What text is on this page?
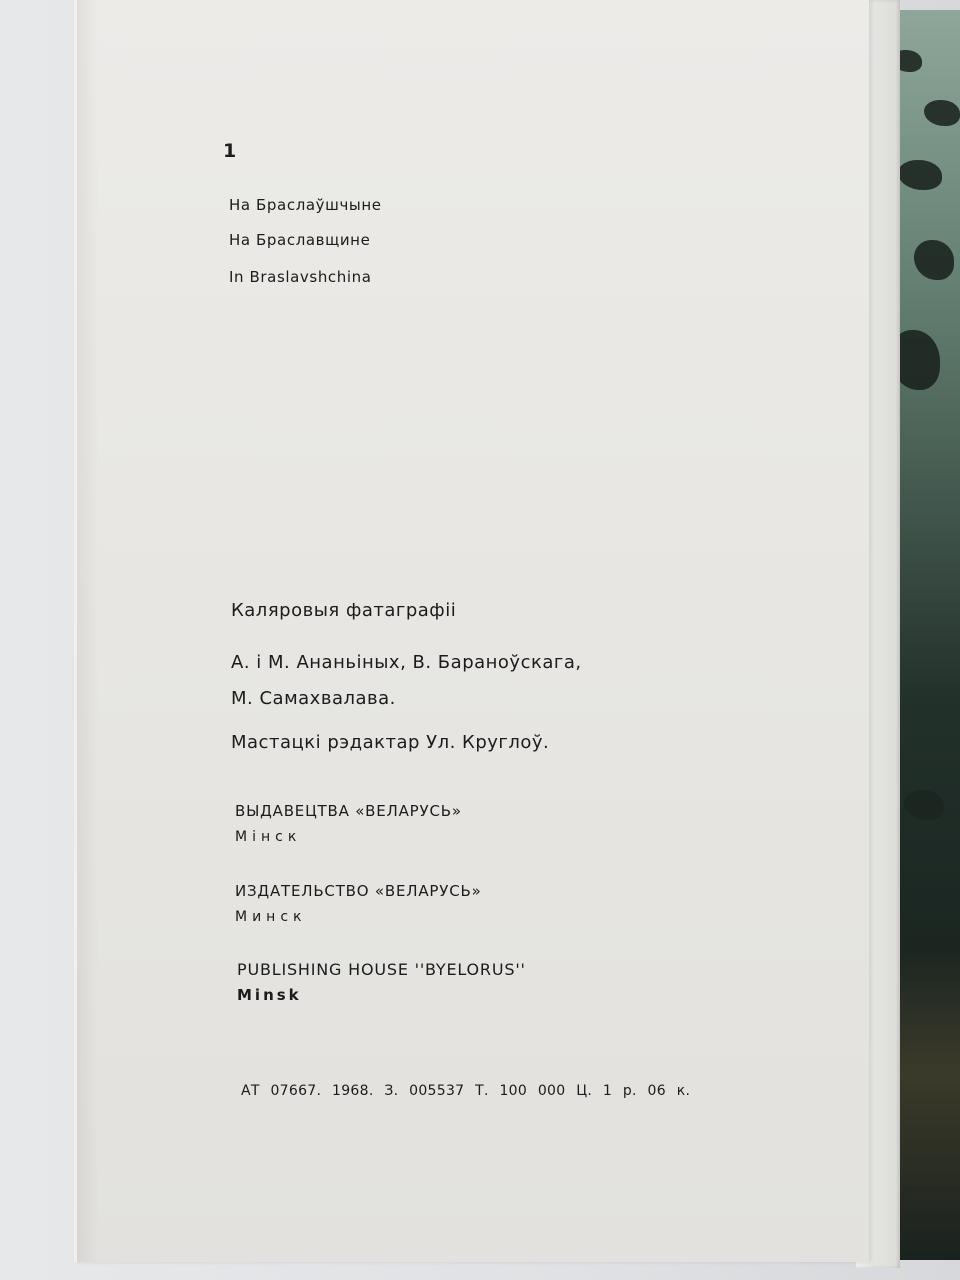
1
На Браслаўшчыне
На Браславщине
In Braslavshchina
Каляровыя фатаграфіі
А. і М. Ананьіных, В. Бараноўскага,
М. Самахвалава.
Мастацкі рэдактар Ул. Круглоў.
ВЫДАВЕЦТВА «ВЕЛАРУСЬ»
Мінск
ИЗДАТЕЛЬСТВО «ВЕЛАРУСЬ»
Минск
PUBLISHING HOUSE ''BYELORUS''
Minsk
АТ 07667. 1968. З. 005537 Т. 100 000 Ц. 1 р. 06 к.
